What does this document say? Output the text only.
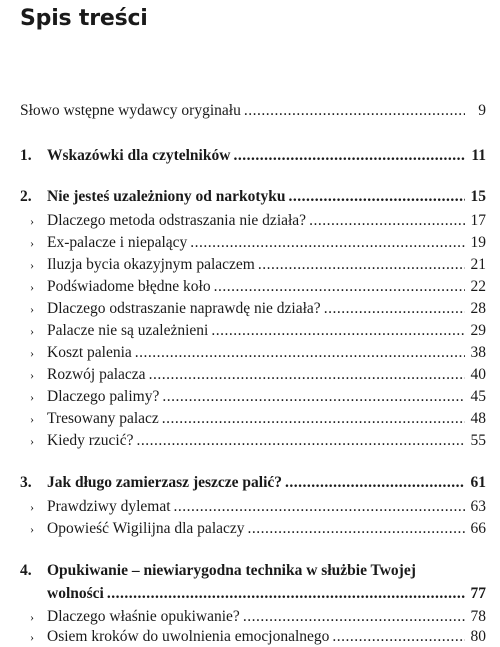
Spis treści
Słowo wstępne wydawcy oryginału .....	9
1. Wskazówki dla czytelników .....	11
2. Nie jesteś uzależniony od narkotyku .....	15
› Dlaczego metoda odstraszania nie działa? .....	17
› Ex-palacze i niepalący .....	19
› Iluzja bycia okazyjnym palaczem .....	21
› Podświadome błędne koło .....	22
› Dlaczego odstraszanie naprawdę nie działa? .....	28
› Palacze nie są uzależnieni .....	29
› Koszt palenia .....	38
› Rozwój palacza .....	40
› Dlaczego palimy? .....	45
› Tresowany palacz .....	48
› Kiedy rzucić? .....	55
3. Jak długo zamierzasz jeszcze palić? .....	61
› Prawdziwy dylemat .....	63
› Opowieść Wigilijna dla palaczy .....	66
4. Opukiwanie – niewiarygodna technika w służbie Twojej
wolności .....	77
› Dlaczego właśnie opukiwanie? .....	78
› Osiem kroków do uwolnienia emocjonalnego .....	80
